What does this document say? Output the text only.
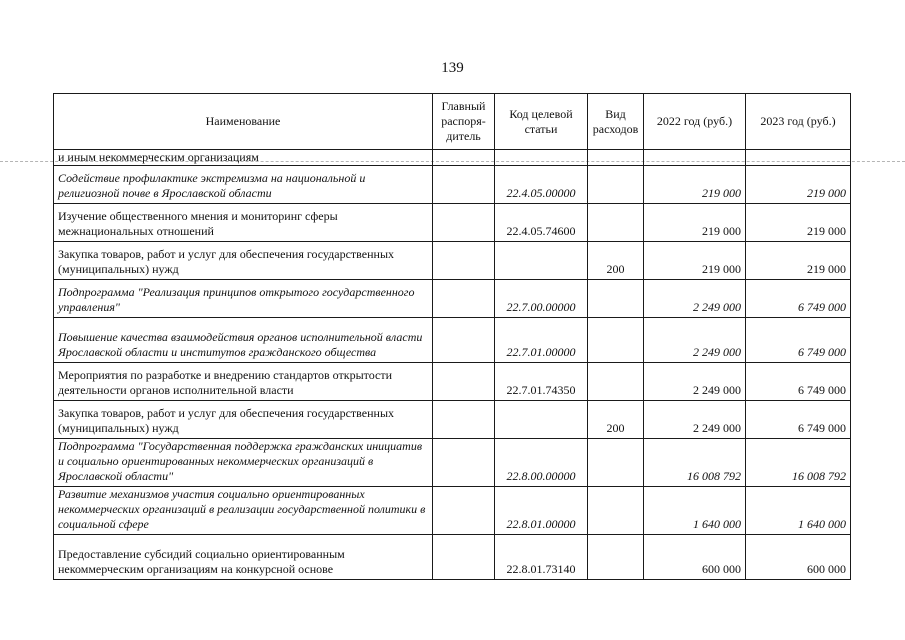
139
Наименование	Главный распоря-дитель	Код целевой статьи	Вид расходов	2022 год (руб.)	2023 год (руб.)
и иным некоммерческим организациям					
Содействие профилактике экстремизма на национальной и религиозной почве в Ярославской области		22.4.05.00000		219 000	219 000
Изучение общественного мнения и мониторинг сферы межнациональных отношений		22.4.05.74600		219 000	219 000
Закупка товаров, работ и услуг для обеспечения государственных (муниципальных) нужд			200	219 000	219 000
Подпрограмма "Реализация принципов открытого государственного управления"		22.7.00.00000		2 249 000	6 749 000
Повышение качества взаимодействия органов исполнительной власти Ярославской области и институтов гражданского общества		22.7.01.00000		2 249 000	6 749 000
Мероприятия по разработке и внедрению стандартов открытости деятельности органов исполнительной власти		22.7.01.74350		2 249 000	6 749 000
Закупка товаров, работ и услуг для обеспечения государственных (муниципальных) нужд			200	2 249 000	6 749 000
Подпрограмма "Государственная поддержка гражданских инициатив и социально ориентированных некоммерческих организаций в Ярославской области"		22.8.00.00000		16 008 792	16 008 792
Развитие механизмов участия социально ориентированных некоммерческих организаций в реализации государственной политики в социальной сфере		22.8.01.00000		1 640 000	1 640 000
Предоставление субсидий социально ориентированным некоммерческим организациям на конкурсной основе		22.8.01.73140		600 000	600 000
